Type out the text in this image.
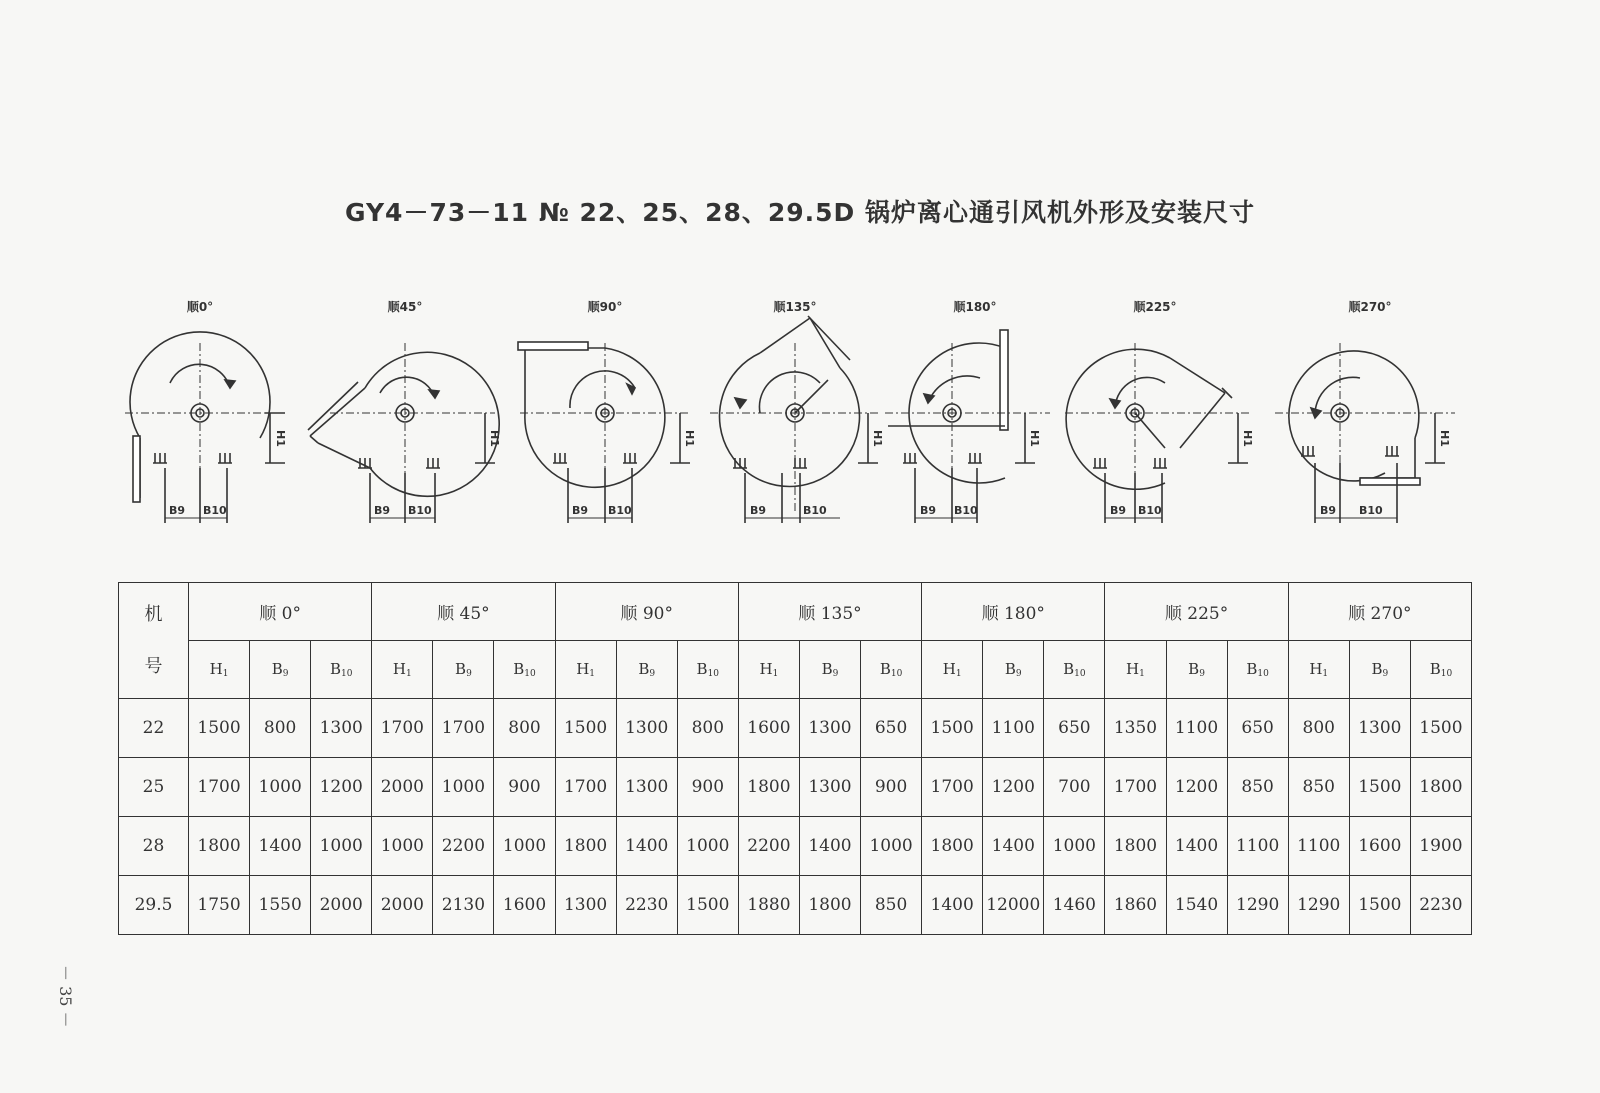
GY4－73－11 № 22、25、28、29.5D 锅炉离心通引风机外形及安装尺寸
顺0°
B9 B10
H1
顺45°
B9 B10
H1
顺90°
B9 B10
H1
顺135°
B9	B10
H1
顺180°
B9 B10
H1
顺225°
B9 B10
H1
顺270°
B9 B10
H1
机
号	顺 0°			顺 45°			顺 90°			顺 135°			顺 180°			顺 225°			顺 270°		
	$H_1$	$B_9$	$B_{10}$	$H_1$	$B_9$	$B_{10}$	$H_1$	$B_9$	$B_{10}$	$H_1$	$B_9$	$B_{10}$	$H_1$	$B_9$	$B_{10}$	$H_1$	$B_9$	$B_{10}$	$H_1$	$B_9$	$B_{10}$
22	1500	800	1300	1700	1700	800	1500	1300	800	1600	1300	650	1500	1100	650	1350	1100	650	800	1300	1500
25	1700	1000	1200	2000	1000	900	1700	1300	900	1800	1300	900	1700	1200	700	1700	1200	850	850	1500	1800
28	1800	1400	1000	1000	2200	1000	1800	1400	1000	2200	1400	1000	1800	1400	1000	1800	1400	1100	1100	1600	1900
29.5	1750	1550	2000	2000	2130	1600	1300	2230	1500	1880	1800	850	1400	12000	1460	1860	1540	1290	1290	1500	2230
－ 35 －
